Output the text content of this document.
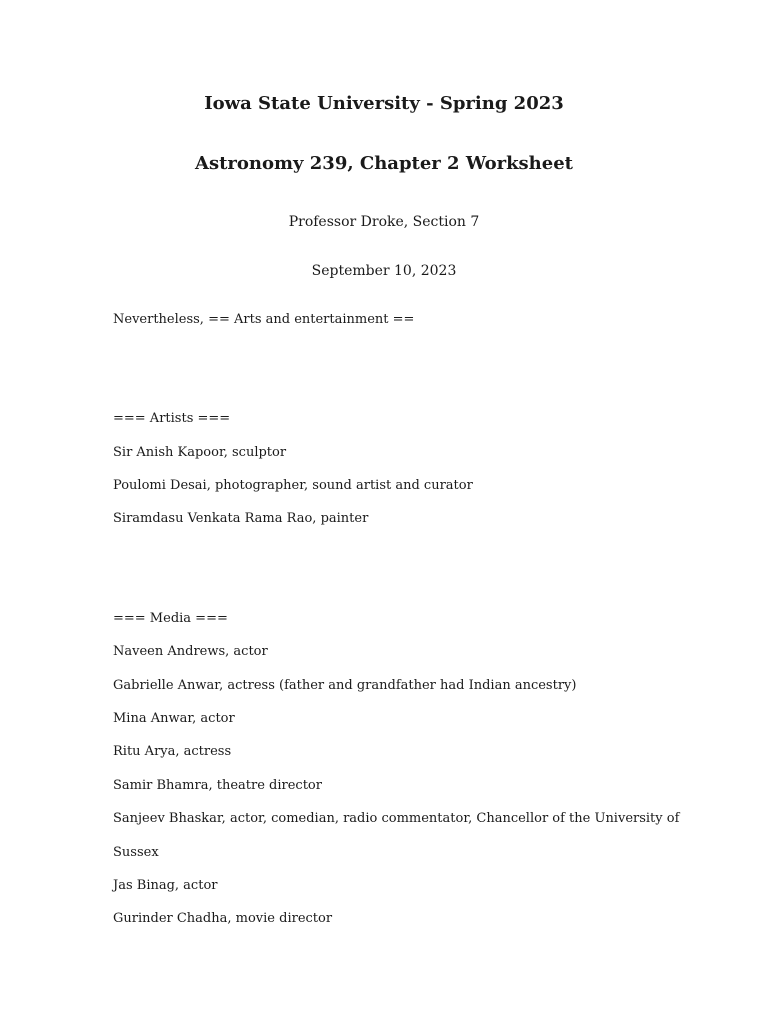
Iowa State University - Spring 2023

Astronomy 239, Chapter 2 Worksheet

Professor Droke, Section 7

September 10, 2023

Nevertheless, == Arts and entertainment ==

=== Artists ===

Sir Anish Kapoor, sculptor

Poulomi Desai, photographer, sound artist and curator

Siramdasu Venkata Rama Rao, painter

=== Media ===

Naveen Andrews, actor

Gabrielle Anwar, actress (father and grandfather had Indian ancestry)

Mina Anwar, actor

Ritu Arya, actress

Samir Bhamra, theatre director

Sanjeev Bhaskar, actor, comedian, radio commentator, Chancellor of the University of

Sussex

Jas Binag, actor

Gurinder Chadha, movie director
